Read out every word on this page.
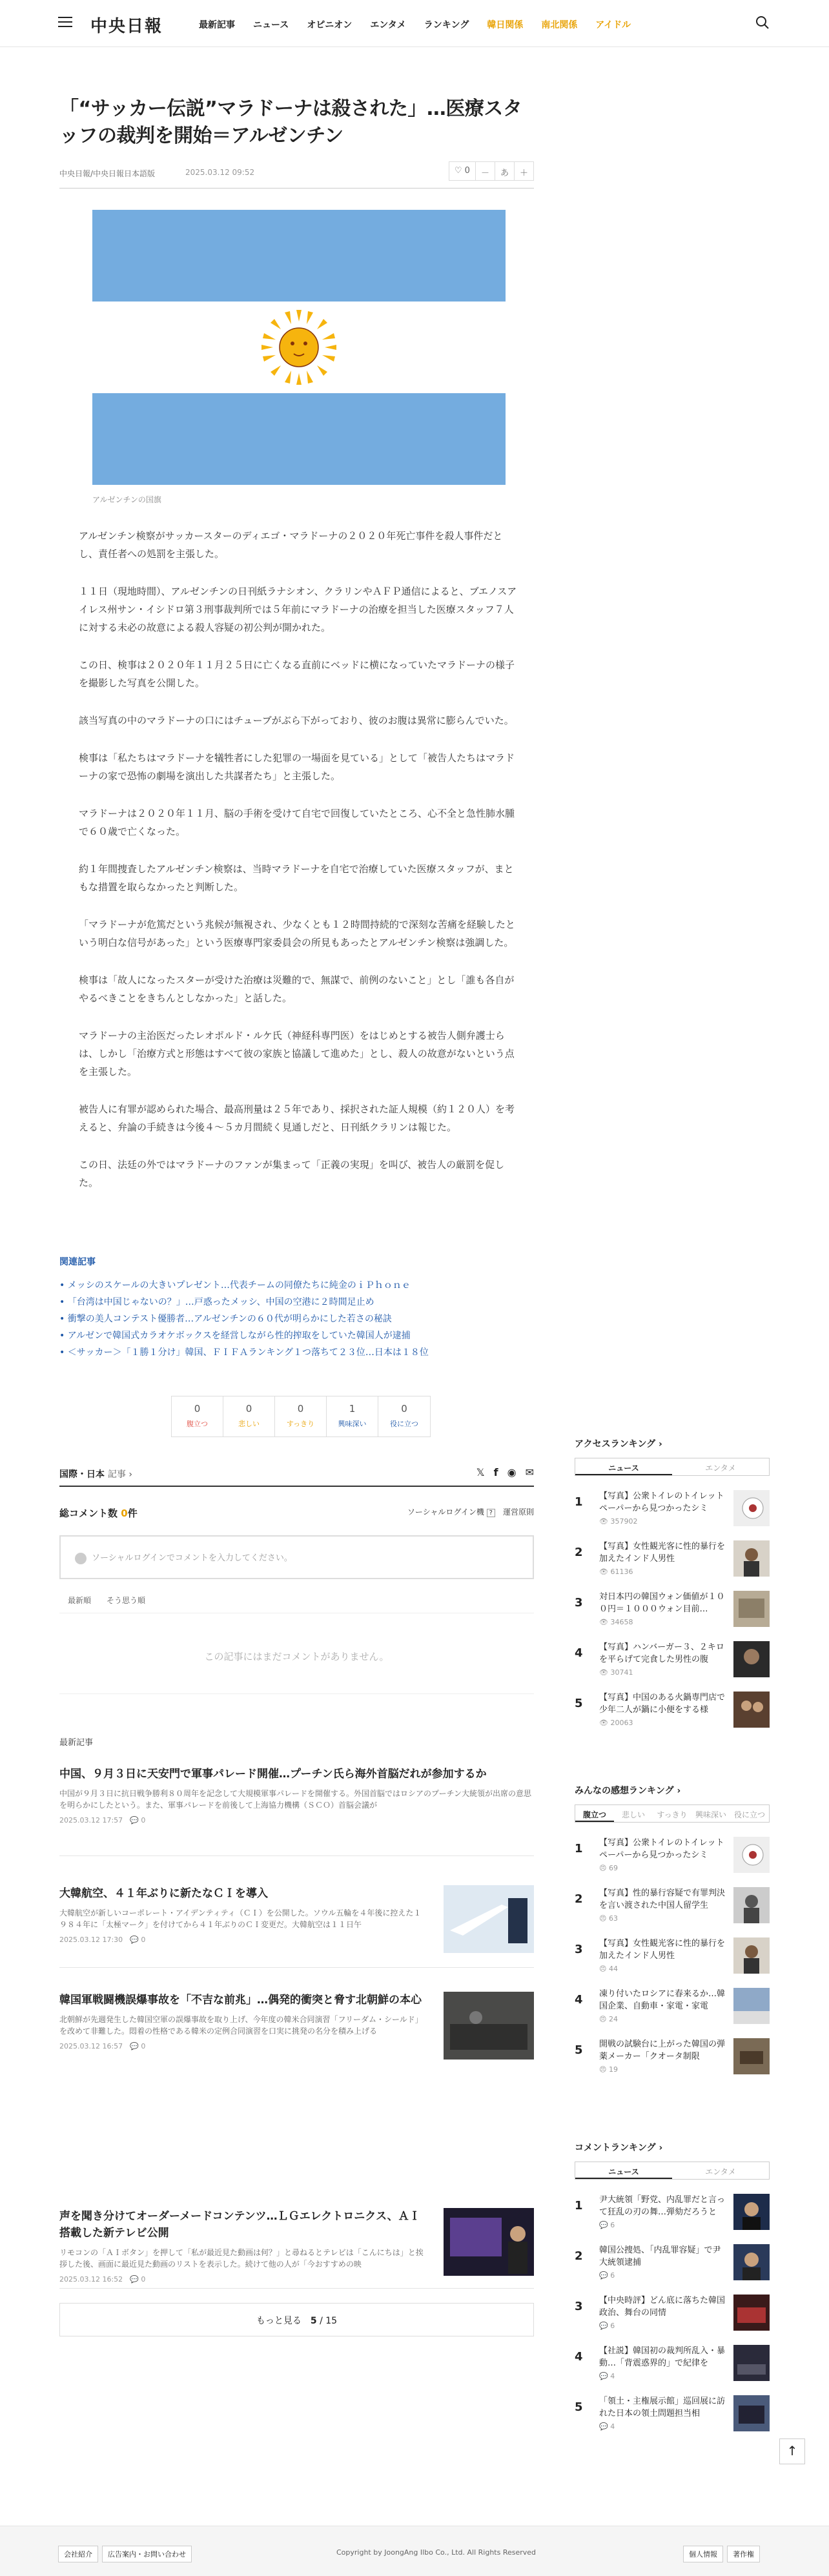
中央日報	最新記事 ニュース オピニオン エンタメ ランキング 韓日関係 南北関係 アイドル
「“サッカー伝説”マラドーナは殺された」…医療スタッフの裁判を開始＝アルゼンチン
中央日報/中央日報日本語版	2025.03.12 09:52	♡ 0	－	あ	＋
アルゼンチンの国旗

アルゼンチン検察がサッカースターのディエゴ・マラドーナの２０２０年死亡事件を殺人事件だとし、責任者への処罰を主張した。

１１日（現地時間）、アルゼンチンの日刊紙ラナシオン、クラリンやＡＦＰ通信によると、ブエノスアイレス州サン・イシドロ第３刑事裁判所では５年前にマラドーナの治療を担当した医療スタッフ７人に対する未必の故意による殺人容疑の初公判が開かれた。

この日、検事は２０２０年１１月２５日に亡くなる直前にベッドに横になっていたマラドーナの様子を撮影した写真を公開した。

該当写真の中のマラドーナの口にはチューブがぶら下がっており、彼のお腹は異常に膨らんでいた。

検事は「私たちはマラドーナを犠牲者にした犯罪の一場面を見ている」として「被告人たちはマラドーナの家で恐怖の劇場を演出した共謀者たち」と主張した。

マラドーナは２０２０年１１月、脳の手術を受けて自宅で回復していたところ、心不全と急性肺水腫で６０歳で亡くなった。

約１年間捜査したアルゼンチン検察は、当時マラドーナを自宅で治療していた医療スタッフが、まともな措置を取らなかったと判断した。

「マラドーナが危篤だという兆候が無視され、少なくとも１２時間持続的で深刻な苦痛を経験したという明白な信号があった」という医療専門家委員会の所見もあったとアルゼンチン検察は強調した。

検事は「故人になったスターが受けた治療は災難的で、無謀で、前例のないこと」とし「誰も各自がやるべきことをきちんとしなかった」と話した。

マラドーナの主治医だったレオポルド・ルケ氏（神経科専門医）をはじめとする被告人側弁護士らは、しかし「治療方式と形態はすべて彼の家族と協議して進めた」とし、殺人の故意がないという点を主張した。

被告人に有罪が認められた場合、最高刑量は２５年であり、採択された証人規模（約１２０人）を考えると、弁論の手続きは今後４～５カ月間続く見通しだと、日刊紙クラリンは報じた。

この日、法廷の外ではマラドーナのファンが集まって「正義の実現」を叫び、被告人の厳罰を促した。

関連記事
• メッシのスケールの大きいプレゼント…代表チームの同僚たちに純金のｉＰｈｏｎｅ
• 「台湾は中国じゃないの？」…戸惑ったメッシ、中国の空港に２時間足止め
• 衝撃の美人コンテスト優勝者…アルゼンチンの６０代が明らかにした若さの秘訣
• アルゼンで韓国式カラオケボックスを経営しながら性的搾取をしていた韓国人が逮捕
• ＜サッカー＞「１勝１分け」韓国、ＦＩＦＡランキング１つ落ちて２３位…日本は１８位
0
腹立つ
0
悲しい
0
すっきり
1
興味深い
0
役に立つ
国際・日本 記事 ›	𝕏 f ◉ ✉
総コメント数 0件	ソーシャルログイン機 ?　 運営原則
ソーシャルログインでコメントを入力してください。
最新順　　 そう思う順
この記事にはまだコメントがありません。
最新記事
中国、９月３日に天安門で軍事パレード開催…プーチン氏ら海外首脳だれが参加するか
中国が９月３日に抗日戦争勝利８０周年を記念して大規模軍事パレードを開催する。外国首脳ではロシアのプーチン大統領が出席の意思を明らかにしたという。また、軍事パレードを前後して上海協力機構（ＳＣＯ）首脳会議が
2025.03.12 17:57　💬 0
大韓航空、４１年ぶりに新たなＣＩを導入
大韓航空が新しいコーポレート・アイデンティティ（ＣＩ）を公開した。ソウル五輪を４年後に控えた１９８４年に「太極マーク」を付けてから４１年ぶりのＣＩ変更だ。大韓航空は１１日午
2025.03.12 17:30　💬 0
韓国軍戦闘機誤爆事故を「不吉な前兆」…偶発的衝突と脅す北朝鮮の本心
北朝鮮が先週発生した韓国空軍の誤爆事故を取り上げ、今年度の韓米合同演習「フリーダム・シールド」を改めて非難した。悶着の性格である韓米の定例合同演習を口実に挑発の名分を積み上げる
2025.03.12 16:57　💬 0
声を聞き分けてオーダーメードコンテンツ…ＬＧエレクトロニクス、ＡＩ搭載した新テレビ公開
リモコンの「ＡＩボタン」を押して「私が最近見た動画は何？」と尋ねるとテレビは「こんにちは」と挨拶した後、画面に最近見た動画のリストを表示した。続けて他の人が「今おすすめの映
2025.03.12 16:52　💬 0
もっと見る　 5 / 15
アクセスランキング ›
ニュース	エンタメ
1 【写真】公衆トイレのトイレットペーパーから見つかったシミ
👁 357902
2 【写真】女性観光客に性的暴行を加えたインド人男性
👁 61136
3 対日本円の韓国ウォン価値が１００円＝１０００ウォン目前…
👁 34658
4 【写真】ハンバーガー３、２キロを平らげて完食した男性の腹
👁 30741
5 【写真】中国のある火鍋専門店で少年二人が鍋に小便をする様
👁 20063
みんなの感想ランキング ›
腹立つ	悲しい	すっきり	興味深い 役に立つ
1 【写真】公衆トイレのトイレットペーパーから見つかったシミ
😠 69
2 【写真】性的暴行容疑で有罪判決を言い渡された中国人留学生
😠 63
3 【写真】女性観光客に性的暴行を加えたインド人男性
😠 44
4 凍り付いたロシアに春来るか…韓国企業、自動車・家電・家電
😠 24
5 開戦の試験台に上がった韓国の弾薬メーカー「クオータ制限
😠 19
コメントランキング ›
ニュース	エンタメ
1 尹大統領「野党、内乱罪だと言って狂乱の刃の舞…弾劾だろうと
💬 6
2 韓国公捜処、「内乱罪容疑」で尹大統領逮捕
💬 6
3 【中央時評】どん底に落ちた韓国政治、舞台の同情
💬 6
4 【社説】韓国初の裁判所乱入・暴動…「背震惑界的」で紀律を
💬 4
5 「領土・主権展示館」巡回展に訪れた日本の領土問題担当相
💬 4
↑
会社紹介	広告案内・お問い合わせ	Copyright by JoongAng Ilbo Co., Ltd. All Rights Reserved	個人情報	著作権
